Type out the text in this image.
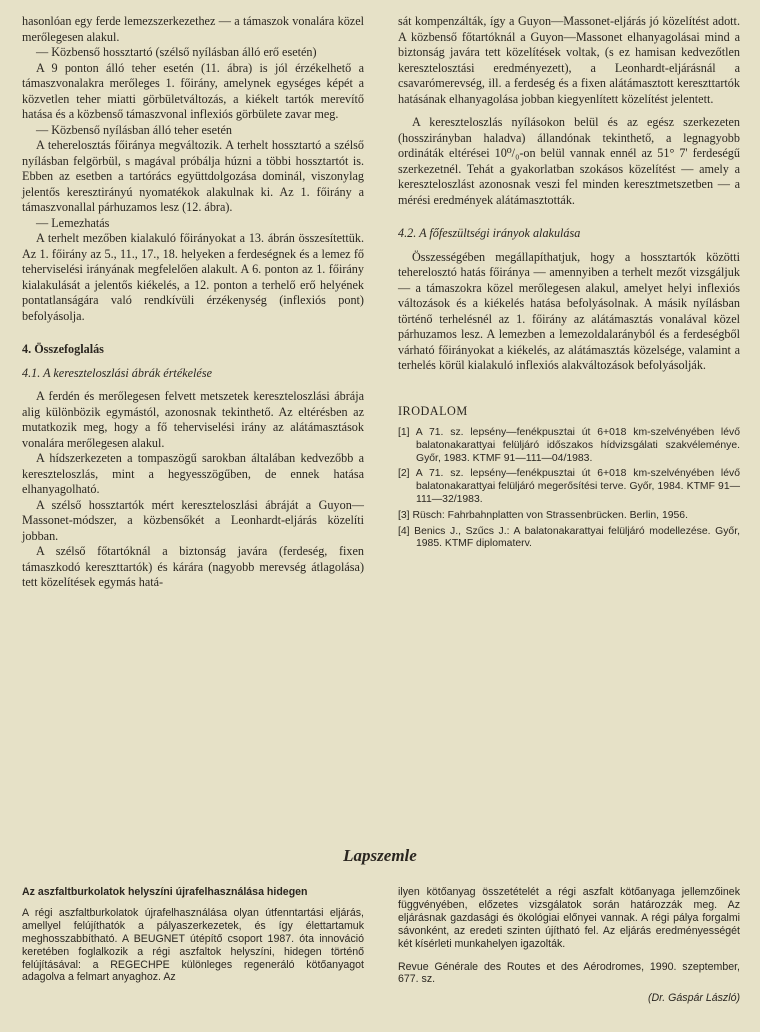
hasonlóan egy ferde lemezszerkezethez — a támaszok vonalára közel merőlegesen alakul.

— Közbenső hossztartó (szélső nyílásban álló erő esetén)

A 9 ponton álló teher esetén (11. ábra) is jól érzékelhető a támaszvonalakra merőleges 1. főirány, amelynek egységes képét a közvetlen teher miatti görbületváltozás, a kiékelt tartók merevítő hatása és a közbenső támaszvonal inflexiós görbülete zavar meg.

— Közbenső nyílásban álló teher esetén

A teherelosztás főiránya megváltozik. A terhelt hossztartó a szélső nyílásban felgörbül, s magával próbálja húzni a többi hossztartót is. Ebben az esetben a tartórács együttdolgozása dominál, viszonylag jelentős keresztirányú nyomatékok alakulnak ki. Az 1. főirány a támaszvonallal párhuzamos lesz (12. ábra).

— Lemezhatás

A terhelt mezőben kialakuló főirányokat a 13. ábrán összesítettük. Az 1. főirány az 5., 11., 17., 18. helyeken a ferdeségnek és a lemez fő teherviselési irányának megfelelően alakult. A 6. ponton az 1. főirány kialakulását a jelentős kiékelés, a 12. ponton a terhelő erő helyének pontatlanságára való rendkívüli érzékenység (inflexiós pont) befolyásolja.

4. Összefoglalás
4.1. A kereszteloszlási ábrák értékelése

A ferdén és merőlegesen felvett metszetek kereszteloszlási ábrája alig különbözik egymástól, azonosnak tekinthető. Az eltérésben az mutatkozik meg, hogy a fő teherviselési irány az alátámasztások vonalára merőlegesen alakul.

A hídszerkezeten a tompaszögű sarokban általában kedvezőbb a kereszteloszlás, mint a hegyesszögűben, de ennek hatása elhanyagolható.

A szélső hossztartók mért kereszteloszlási ábráját a Guyon—Massonet-módszer, a közbensőkét a Leonhardt-eljárás közelíti jobban.

A szélső főtartóknál a biztonság javára (ferdeség, fixen támaszkodó kereszttartók) és kárára (nagyobb merevség átlagolása) tett közelítések egymás hatá-

sát kompenzálták, így a Guyon—Massonet-eljárás jó közelítést adott. A közbenső főtartóknál a Guyon—Massonet elhanyagolásai mind a biztonság javára tett közelítések voltak, (s ez hamisan kedvezőtlen keresztelosztási eredményezett), a Leonhardt-eljárásnál a csavarómerevség, ill. a ferdeség és a fixen alátámasztott kereszttartók hatásának elhanyagolása jobban kiegyenlített közelítést jelentett.

A kereszteloszlás nyílásokon belül és az egész szerkezeten (hosszirányban haladva) állandónak tekinthető, a legnagyobb ordináták eltérései 10⁰/₀-on belül vannak ennél az 51° 7' ferdeségű szerkezetnél. Tehát a gyakorlatban szokásos közelítést — amely a kereszteloszlást azonosnak veszi fel minden keresztmetszetben — a mérési eredmények alátámasztották.

4.2. A főfeszültségi irányok alakulása

Összességében megállapíthatjuk, hogy a hossztartók közötti teherelosztó hatás főiránya — amennyiben a terhelt mezőt vizsgáljuk — a támaszokra közel merőlegesen alakul, amelyet helyi inflexiós változások és a kiékelés hatása befolyásolnak. A másik nyílásban történő terhelésnél az 1. főirány az alátámasztás vonalával közel párhuzamos lesz. A lemezben a lemezoldalarányból és a ferdeségből várható főirányokat a kiékelés, az alátámasztás közelsége, valamint a terhelés körül kialakuló inflexiós alakváltozások befolyásolják.

IRODALOM

[1] A 71. sz. lepsény—fenékpusztai út 6+018 km-szelvényében lévő balatonakarattyai felüljáró időszakos hídvizsgálati szakvéleménye. Győr, 1983. KTMF 91—111—04/1983.
[2] A 71. sz. lepsény—fenékpusztai út 6+018 km-szelvényében lévő balatonakarattyai felüljáró megerősítési terve. Győr, 1984. KTMF 91—111—32/1983.
[3] Rüsch: Fahrbahnplatten von Strassenbrücken. Berlin, 1956.
[4] Benics J., Szűcs J.: A balatonakarattyai felüljáró modellezése. Győr, 1985. KTMF diplomaterv.
Lapszemle
Az aszfaltburkolatok helyszíni újrafelhasználása hidegen

A régi aszfaltburkolatok újrafelhasználása olyan útfenntartási eljárás, amellyel felújíthatók a pályaszerkezetek, és így élettartamuk meghosszabbítható. A BEUGNET útépítő csoport 1987. óta innováció keretében foglalkozik a régi aszfaltok helyszíni, hidegen történő felújításával: a REGECHPE különleges regeneráló kötőanyagot adagolva a felmart anyaghoz. Az

ilyen kötőanyag összetételét a régi aszfalt kötőanyaga jellemzőinek függvényében, előzetes vizsgálatok során határozzák meg. Az eljárásnak gazdasági és ökológiai előnyei vannak. A régi pálya forgalmi sávonként, az eredeti szinten újítható fel. Az eljárás eredményességét két kísérleti munkahelyen igazolták.

Revue Générale des Routes et des Aérodromes, 1990. szeptember, 677. sz.

(Dr. Gáspár László)
